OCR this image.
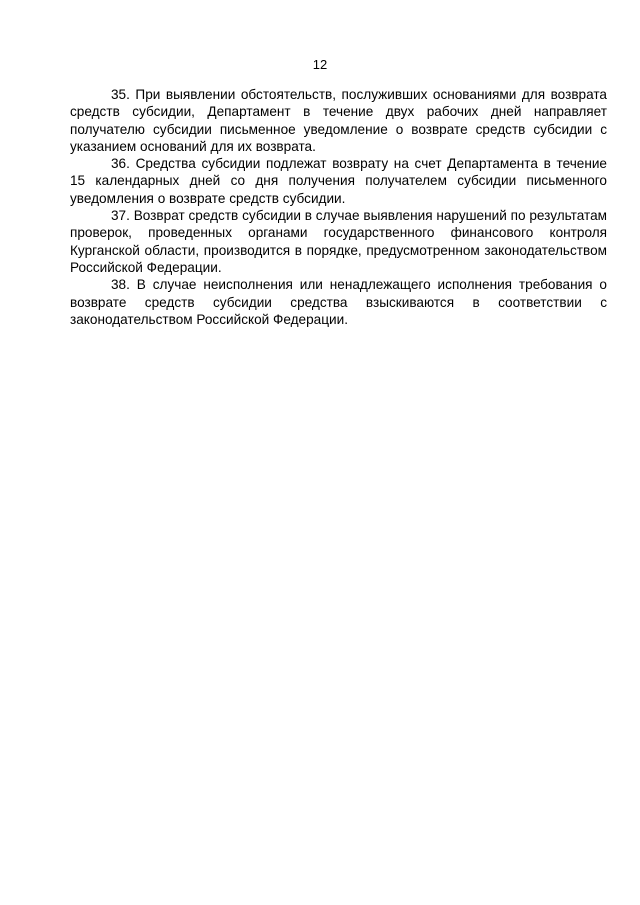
12

35. При выявлении обстоятельств, послуживших основаниями для возврата средств субсидии, Департамент в течение двух рабочих дней направляет получателю субсидии письменное уведомление о возврате средств субсидии с указанием оснований для их возврата.

36. Средства субсидии подлежат возврату на счет Департамента в течение 15 календарных дней со дня получения получателем субсидии письменного уведомления о возврате средств субсидии.

37. Возврат средств субсидии в случае выявления нарушений по результатам проверок, проведенных органами государственного финансового контроля Курганской области, производится в порядке, предусмотренном законодательством Российской Федерации.

38. В случае неисполнения или ненадлежащего исполнения требования о возврате средств субсидии средства взыскиваются в соответствии с законодательством Российской Федерации.
